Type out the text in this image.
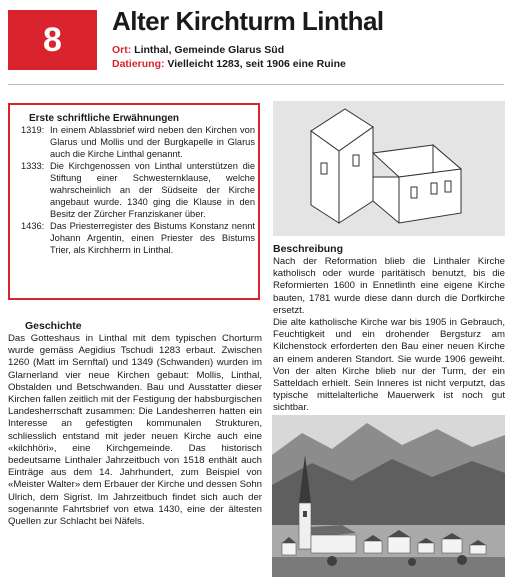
8	Alter Kirchturm Linthal
Ort: Linthal, Gemeinde Glarus Süd
Datierung: Vielleicht 1283, seit 1906 eine Ruine
Erste schriftliche Erwähnungen
1319: In einem Ablassbrief wird neben den Kirchen von Glarus und Mollis und der Burgkapelle in Glarus auch die Kirche Linthal genannt.
1333: Die Kirchgenossen von Linthal unterstützen die Stiftung einer Schwesternklause, welche wahrscheinlich an der Südseite der Kirche angebaut wurde. 1340 ging die Klause in den Besitz der Zürcher Franziskaner über.
1436: Das Priesterregister des Bistums Konstanz nennt Johann Argentin, einen Priester des Bistums Trier, als Kirchherrn in Linthal.
Geschichte

Das Gotteshaus in Linthal mit dem typischen Chorturm wurde gemäss Aegidius Tschudi 1283 erbaut. Zwischen 1260 (Matt im Sernftal) und 1349 (Schwanden) wurden im Glarnerland vier neue Kirchen gebaut: Mollis, Linthal, Obstalden und Betschwanden. Bau und Ausstatter dieser Kirchen fallen zeitlich mit der Festigung der habsburgischen Landesherrschaft zusammen: Die Landesherren hatten ein Interesse an gefestigten kommunalen Strukturen, schliesslich entstand mit jeder neuen Kirche auch eine «kilchhöri», eine Kirchgemeinde. Das historisch bedeutsame Linthaler Jahrzeitbuch von 1518 enthält auch Einträge aus dem 14. Jahrhundert, zum Beispiel von «Meister Walter» dem Erbauer der Kirche und dessen Sohn Ulrich, dem Sigrist. Im Jahrzeitbuch findet sich auch der sogenannte Fahrtsbrief von etwa 1430, eine der ältesten Quellen zur Schlacht bei Näfels.

Beschreibung

Nach der Reformation blieb die Linthaler Kirche katholisch oder wurde paritätisch benutzt, bis die Reformierten 1600 in Ennetlinth eine eigene Kirche bauten, 1781 wurde diese dann durch die Dorfkirche ersetzt.

Die alte katholische Kirche war bis 1905 in Gebrauch, Feuchtigkeit und ein drohender Bergsturz am Kilchenstock erforderten den Bau einer neuen Kirche an einem anderen Standort. Sie wurde 1906 geweiht. Von der alten Kirche blieb nur der Turm, der ein Satteldach erhielt. Sein Inneres ist nicht verputzt, das typische mittelalterliche Mauerwerk ist noch gut sichtbar.
